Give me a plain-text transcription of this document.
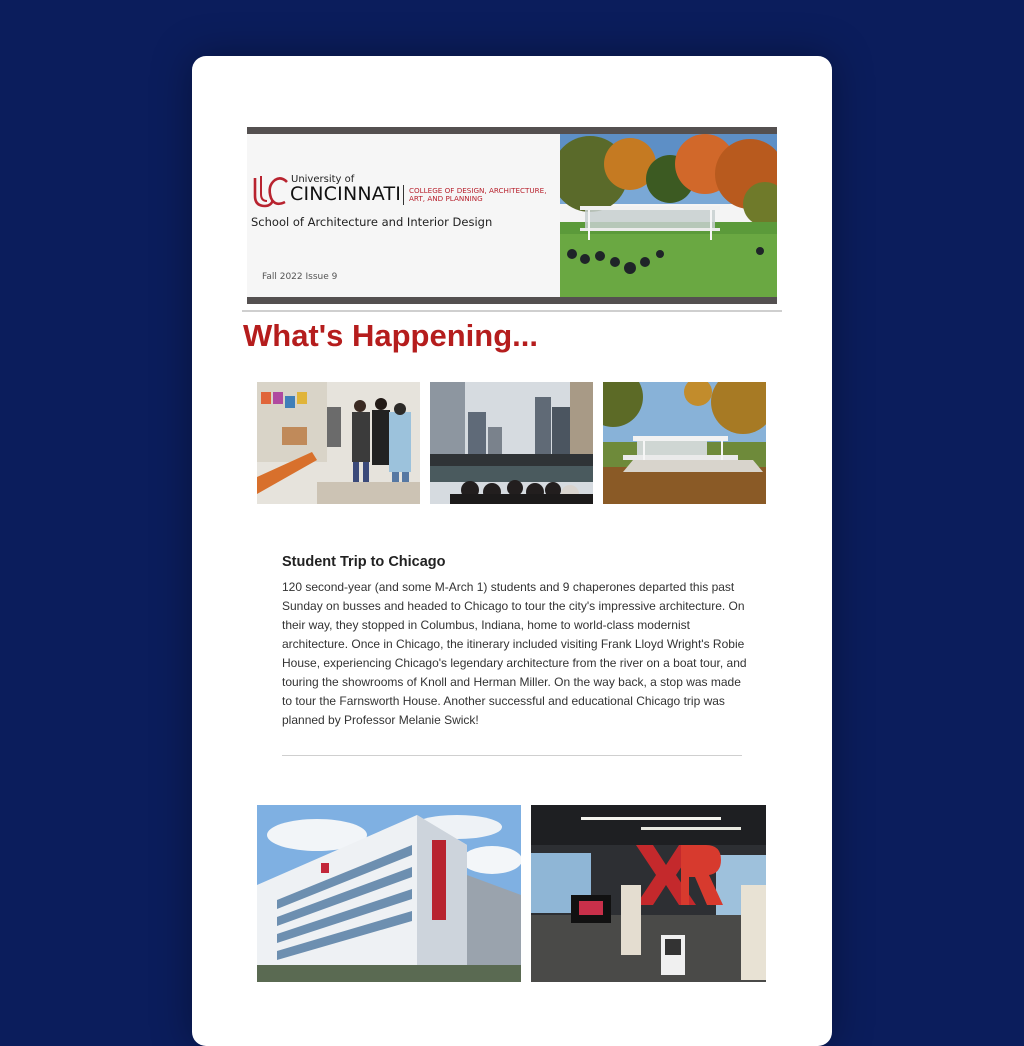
University of
CINCINNATI COLLEGE OF DESIGN, ARCHITECTURE, ART, AND PLANNING
School of Architecture and Interior Design
Fall 2022 Issue 9
What's Happening...
Student Trip to Chicago
120 second-year (and some M-Arch 1) students and 9 chaperones departed this past Sunday on busses and headed to Chicago to tour the city's impressive architecture. On their way, they stopped in Columbus, Indiana, home to world-class modernist architecture. Once in Chicago, the itinerary included visiting Frank Lloyd Wright's Robie House, experiencing Chicago's legendary architecture from the river on a boat tour, and touring the showrooms of Knoll and Herman Miller. On the way back, a stop was made to tour the Farnsworth House. Another successful and educational Chicago trip was planned by Professor Melanie Swick!
